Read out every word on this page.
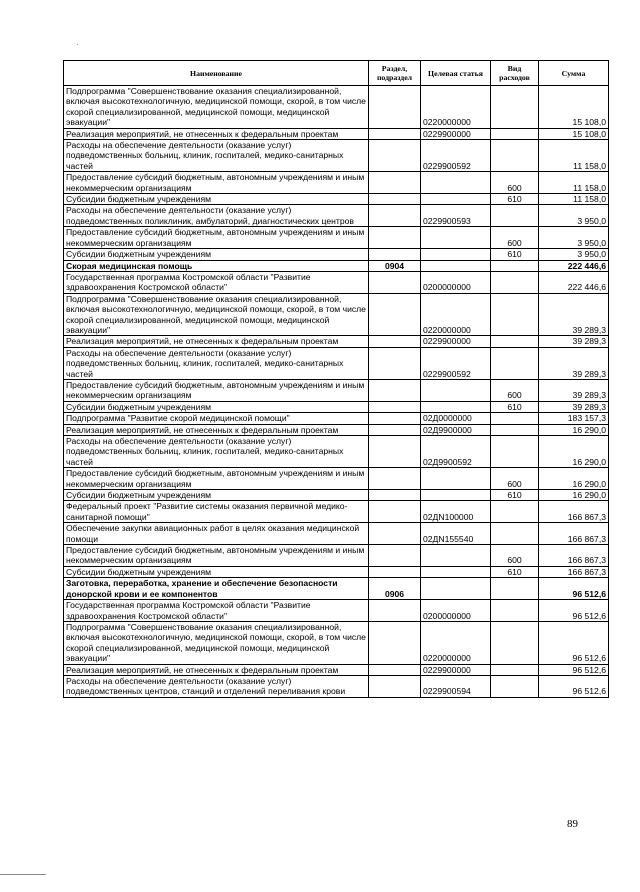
Наименование	Раздел, подраздел	Целевая статья	Вид расходов	Сумма
Подпрограмма "Совершенствование оказания специализированной, включая высокотехнологичную, медицинской помощи, скорой, в том числе скорой специализированной, медицинской помощи, медицинской эвакуации"		0220000000		15 108,0
Реализация мероприятий, не отнесенных к федеральным проектам		0229900000		15 108,0
Расходы на обеспечение деятельности (оказание услуг) подведомственных больниц, клиник, госпиталей, медико-санитарных частей		0229900592		11 158,0
Предоставление субсидий бюджетным, автономным учреждениям и иным некоммерческим организациям			600	11 158,0
Субсидии бюджетным учреждениям			610	11 158,0
Расходы на обеспечение деятельности (оказание услуг) подведомственных поликлиник, амбулаторий, диагностических центров		0229900593		3 950,0
Предоставление субсидий бюджетным, автономным учреждениям и иным некоммерческим организациям			600	3 950,0
Субсидии бюджетным учреждениям			610	3 950,0
Скорая медицинская помощь	0904			222 446,6
Государственная программа Костромской области "Развитие здравоохранения Костромской области"		0200000000		222 446,6
Подпрограмма "Совершенствование оказания специализированной, включая высокотехнологичную, медицинской помощи, скорой, в том числе скорой специализированной, медицинской помощи, медицинской эвакуации"		0220000000		39 289,3
Реализация мероприятий, не отнесенных к федеральным проектам		0229900000		39 289,3
Расходы на обеспечение деятельности (оказание услуг) подведомственных больниц, клиник, госпиталей, медико-санитарных частей		0229900592		39 289,3
Предоставление субсидий бюджетным, автономным учреждениям и иным некоммерческим организациям			600	39 289,3
Субсидии бюджетным учреждениям			610	39 289,3
Подпрограмма "Развитие скорой медицинской помощи"		02Д0000000		183 157,3
Реализация мероприятий, не отнесенных к федеральным проектам		02Д9900000		16 290,0
Расходы на обеспечение деятельности (оказание услуг) подведомственных больниц, клиник, госпиталей, медико-санитарных частей		02Д9900592		16 290,0
Предоставление субсидий бюджетным, автономным учреждениям и иным некоммерческим организациям			600	16 290,0
Субсидии бюджетным учреждениям			610	16 290,0
Федеральный проект "Развитие системы оказания первичной медико-санитарной помощи"		02ДN100000		166 867,3
Обеспечение закупки авиационных работ в целях оказания медицинской помощи		02ДN155540		166 867,3
Предоставление субсидий бюджетным, автономным учреждениям и иным некоммерческим организациям			600	166 867,3
Субсидии бюджетным учреждениям			610	166 867,3
Заготовка, переработка, хранение и обеспечение безопасности донорской крови и ее компонентов	0906			96 512,6
Государственная программа Костромской области "Развитие здравоохранения Костромской области"		0200000000		96 512,6
Подпрограмма "Совершенствование оказания специализированной, включая высокотехнологичную, медицинской помощи, скорой, в том числе скорой специализированной, медицинской помощи, медицинской эвакуации"		0220000000		96 512,6
Реализация мероприятий, не отнесенных к федеральным проектам		0229900000		96 512,6
Расходы на обеспечение деятельности (оказание услуг) подведомственных центров, станций и отделений переливания крови		0229900594		96 512,6
89
